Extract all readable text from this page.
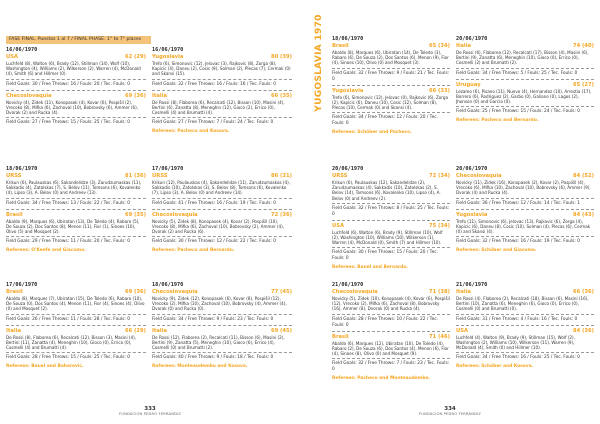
FASE FINAL. Puestos 1 al 7 / FINAL PHASE. 1° to 7° places
16/06/1970
USA	62 (29)
Luchfeld (8), Walton (6), Brady (12), Stillman (14), Wolf (10), Washington (4), Williams (2), Wilkerson (2), Warren (4), McDonald (4), Smith (6) and Hillmer (0).
Field Goals: 30 / Free Throws: 16 / Fouls: 20 / Tec. Fouls: 0
Checoslovaquia	69 (36)
Novicky (4), Zidek (11), Konopasek (4), Kovar (6), Pospišil (2), Vrecoko (8), Mifka (6), Zachoval (10), Bobrovsky (6), Ammer (6), Dvorak (2) and Rucka (4).
Field Goals: 27 / Free Throws: 15 / Fouls: 25 / Tec. Fouls: 0
18/06/1970
URSS	81 (36)
Krikun (6), Paulauskas (6), Sakandelidze (3), Zarudzumaskas (11), Sakkadis (4), Zatolskas (7), S. Belov (11), Tomsons (6), Kovalenko (4), Lipso (3), A. Belov (0) and Andreev (13).
Field Goals: 34 / Free Throws: 13 / Fouls: 22 / Tec. Fouls: 0
Brasil	69 (35)
Abaldo (9), Marques (6), Ubiratan (13), De Toledo (4), Rabaro (5), De Souza (2), Dos Santos (8), Menon (11), Fior (1), Sinoes (10), Olivo (5) and Mosquet (2).
Field Goals: 29 / Free Throws: 11 / Fouls: 20 / Tec. Fouls: 0
Referees: O'Keefe and Giacomo.
17/06/1970
Brasil	69 (36)
Abaldo (8), Marques (7), Ubiratan (15), De Toledo (6), Rabaro (10), De Souza (0), Dos Santos (4), Menon (11), Fior (4), Sinoes (4), Olivo (0) and Mosquet (2).
Field Goals: 26 / Free Throws: 11 / Fouls: 28 / Tec. Fouls: 0
Italia	66 (29)
De Rossi (8), Flaborea (6), Recalcati (12), Bisson (3), Masini (4), Bertini (11), Zanatta (4), Meneghin (10), Gioco (0), Errico (0), Cosmelli (4) and Brumatti (4).
Field Goals: 28 / Free Throws: 15 / Fouls: 25 / Tec. Fouls: 0
Referees: Bauel and Baharevic.
16/06/1970
Yugoslavia	80 (39)
Trefo (6), Simonovic (12), Jelovac (3), Rajkovic (8), Zorga (8), Kapicic (4), Daneu (2), Cosic (9), Solman (2), Plecas (7), Cermak (0) and Skansi (15).
Field Goals: 32 / Free Throws: 16 / Fouls: 16 / Tec. Fouls: 0
Italia	66 (35)
De Rossi (8), Flaborea (6), Recalcati (12), Bisson (10), Masini (4), Bertini (6), Zanatta (8), Meneghin (12), Gioco (2), Errico (0), Cosmelli (4) and Brumatti (4).
Field Goals: 27 / Free Throws: 7 / Fouls: 24 / Tec. Fouls: 0
Referees: Pacheco and Kosova.
17/06/1970
URSS	86 (31)
Krikun (12), Paulauskas (4), Sakandelidze (11), Zarudzumaskas (4), Sakkadis (10), Zatolskas (3), S. Belov (8), Tomsons (6), Kovalenko (7), Lipso (3), A. Belov (0) and Andreev (14).
Field Goals: 41 / Free Throws: 16 / Fouls: 19 / Tec. Fouls: 0
Checoslovaquia	72 (36)
Novicky (5), Zidek (8), Konopasek (4), Kovar (2), Pospišil (10), Vrecoko (8), Mifka (6), Zachoval (10), Bobrovsky (2), Ammer (4), Dvorak (2) and Rucka (6).
Field Goals: 30 / Free Throws: 12 / Fouls: 22 / Tec. Fouls: 0
Referees: Pacheco and Bernardo.
18/06/1970
Checoslovaquia	77 (45)
Novicky (9), Zidek (12), Konopasek (6), Kovar (8), Pospišil (12), Vrecoko (2), Mifka (10), Zachoval (10), Bobrovsky (4), Ammer (4), Dvorak (0) and Rucka (0).
Field Goals: 34 / Free Throws: 9 / Fouls: 23 / Tec. Fouls: 0
Italia	69 (45)
De Rossi (12), Flaborea (2), Recalcati (11), Bisson (6), Masini (2), Bertini (9), Zanatta (5), Meneghin (10), Gioco (6), Errico (4), Cosmelli (0) and Brumatti (2).
Field Goals: 40 / Free Throws: 9 / Fouls: 18 / Tec. Fouls: 0
Referees: Monteaudembo and Kosova.
333
FUNDACIÓN PEDRO FERRÁNDIZ
YUGOSLAVIA 1970 18/06/1970
Brasil	65 (34)
Abaldo (8), Marques (6), Ubiratan (14), De Toledo (3), Rabaro (6), De Souza (2), Dos Santos (6), Menon (9), Fior (4), Sinoes (10), Olivo (0) and Mosquet (3).
Field Goals: 32 / Free Throws: 9 / Fouls: 21 / Tec. Fouls: 0
Yugoslavia	66 (33)
Trefo (6), Simonovic (12), Jelovac (0), Rajkovic (6), Zorga (2), Kapicic (6), Daneu (10), Cosic (12), Solman (8), Plecas (10), Cermak (0) and Skansi (4).
Field Goals: 34 / Free Throws: 12 / Fouls: 20 / Tec. Fouls: 0
Referees: Schöber and Pacheco.
20/06/1970
URSS	72 (34)
Krikun (6), Paulauskas (12), Sakandelidze (2), Zarudzumaskas (4), Sakkadis (10), Zatolskas (2), S. Belov (14), Tomsons (6), Kovalenko (10), Lipso (4), A. Belov (0) and Andreev (2).
Field Goals: 32 / Free Throws: 8 / Fouls: 25 / Tec. Fouls: 0
USA	75 (34)
Luchfeld (6), Walton (6), Brady (9), Stillman (10), Wolf (2), Washington (10), Williams (10), Wilkerson (1), Warren (4), McDonald (0), Smith (7) and Hillmer (10).
Field Goals: 30 / Free Throws: 15 / Fouls: 20 / Tec. Fouls: 0
Referees: Banel and Bernardo.
21/06/1970
Checoslovaquia	71 (38)
Novicky (5), Zidek (10), Konopasek (4), Kovar (6), Pospišil (12), Vrecoko (2), Mifka (6), Zachoval (8), Bobrovsky (16), Ammer (8), Dvorak (0) and Rucka (4).
Field Goals: 28 / Free Throws: 10 / Fouls: 22 / Tec. Fouls: 0
Brasil	71 (46)
Abaldo (6), Marques (12), Ubiratan (10), De Toledo (4), Rabaro (2), De Souza (6), Dos Santos (4), Menon (6), Fior (4), Sinoes (8), Olivo (0) and Mosquet (9).
Field Goals: 32 / Free Throws: 7 / Fouls: 23 / Tec. Fouls: 0
Referees: Pacheco and Monteaudembo.
20/06/1970
Italia	74 (40)
De Rossi (6), Flaborea (12), Recalcati (17), Bisson (4), Masini (6), Bertini (9), Zanatta (6), Meneghin (10), Gioco (0), Errico (0), Cosmelli (2) and Brumatti (2).
Field Goals: 34 / Free Throws: 5 / Fouls: 25 / Tec. Fouls: 0
Uruguay	65 (27)
Lezamo (6), Pisano (11), Nuevo (4), Hernandez (10), Arrestia (17), Borrero (6), Rodriguez (2), Garbo (0), Galiano (0), Lagos (2), Jhonson (0) and Garcia (0).
Field Goals: 25 / Free Throws: 15 / Fouls: 24 / Tec. Fouls: 0
Referees: Pacheco and Bernardo.
20/06/1970
Checoslovaquia	84 (52)
Novicky (11), Zidek (16), Konopasek (2), Kovar (2), Pospišil (4), Vrecoko (6), Mifka (10), Zachoval (10), Bobrovsky (6), Ammer (9), Dvorak (4) and Rucka (4).
Field Goals: 36 / Free Throws: 12 / Fouls: 14 / Tec. Fouls: 1
Yugoslavia	84 (43)
Trefo (11), Simonovic (6), Jelovac (13), Rajkovic (6), Zorga (4), Kapicic (6), Daneu (8), Cosic (10), Solman (4), Plecas (6), Cermak (0) and Skansi (4).
Field Goals: 32 / Free Throws: 16 / Fouls: 19 / Tec. Fouls: 0
Referees: Schöber and Giacomo.
21/06/1970
Italia	66 (36)
De Rossi (4), Flaborea (2), Recalcati (18), Bisson (6), Masini (16), Bertini (10), Zanatta (6), Meneghin (6), Gioco (0), Errico (0), Cosmelli (0) and Brumatti (0).
Field Goals: 31 / Free Throws: 4 / Fouls: 16 / Tec. Fouls: 0
USA	84 (36)
Luchfeld (4), Walton (9), Brady (9), Stillman (15), Wolf (2), Washington (2), Williams (10), Wilkerson (11), Warren (9), McDonald (4), Smith (0) and Hillmer (10).
Field Goals: 34 / Free Throws: 16 / Fouls: 25 / Tec. Fouls: 0
Referees: Schöber and Kosova.
334
FUNDACIÓN PEDRO FERRÁNDIZ
